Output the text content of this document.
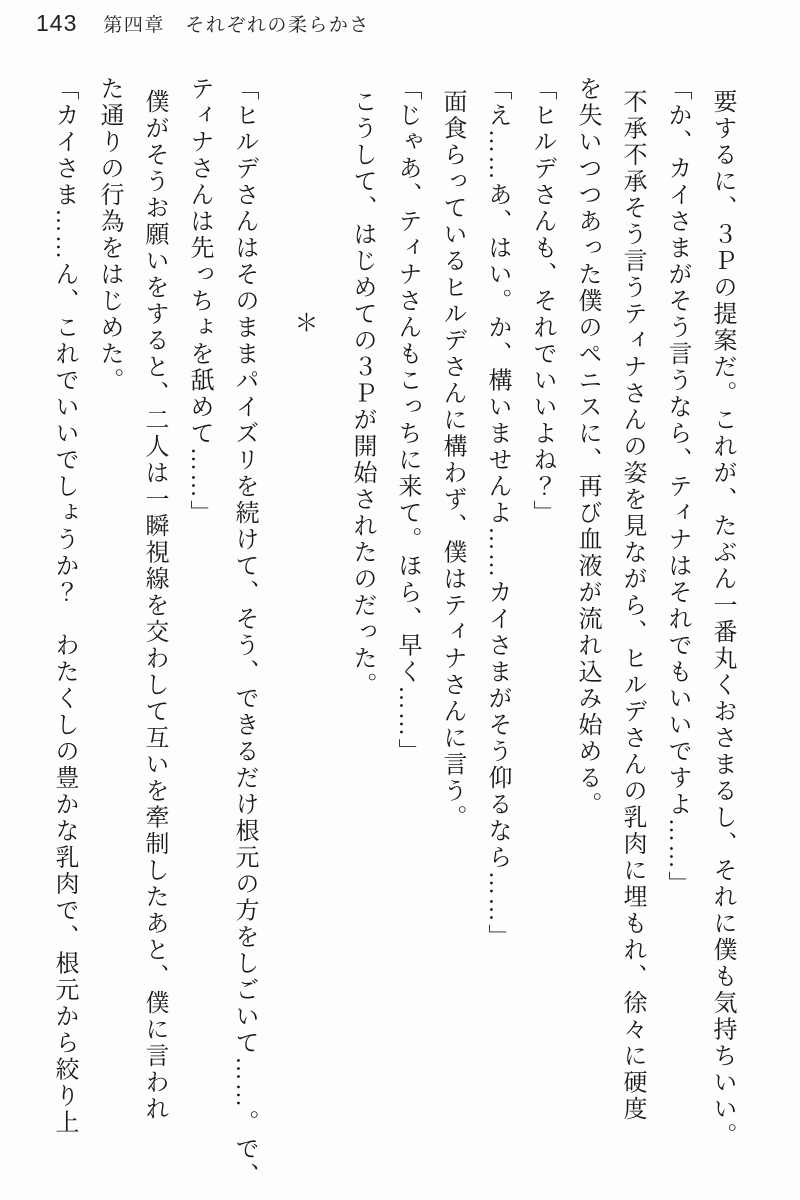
143 第四章　それぞれの柔らかさ
要するに、３Ｐの提案だ。これが、たぶん一番丸くおさまるし、それに僕も気持ちいい。
「か、カイさまがそう言うなら、ティナはそれでもいいですよ……」
不承不承そう言うティナさんの姿を見ながら、ヒルデさんの乳肉に埋もれ、徐々に硬度
を失いつつあった僕のペニスに、再び血液が流れ込み始める。
「ヒルデさんも、それでいいよね？」
「え……あ、はい。か、構いませんよ……カイさまがそう仰るなら……」
面食らっているヒルデさんに構わず、僕はティナさんに言う。
「じゃあ、ティナさんもこっちに来て。ほら、早く……」
こうして、はじめての３Ｐが開始されたのだった。
＊
「ヒルデさんはそのままパイズリを続けて、そう、できるだけ根元の方をしごいて……。で、
ティナさんは先っちょを舐めて……」
僕がそうお願いをすると、二人は一瞬視線を交わして互いを牽制したあと、僕に言われ
た通りの行為をはじめた。
「カイさま……ん、これでいいでしょうか？　わたくしの豊かな乳肉で、根元から絞り上
